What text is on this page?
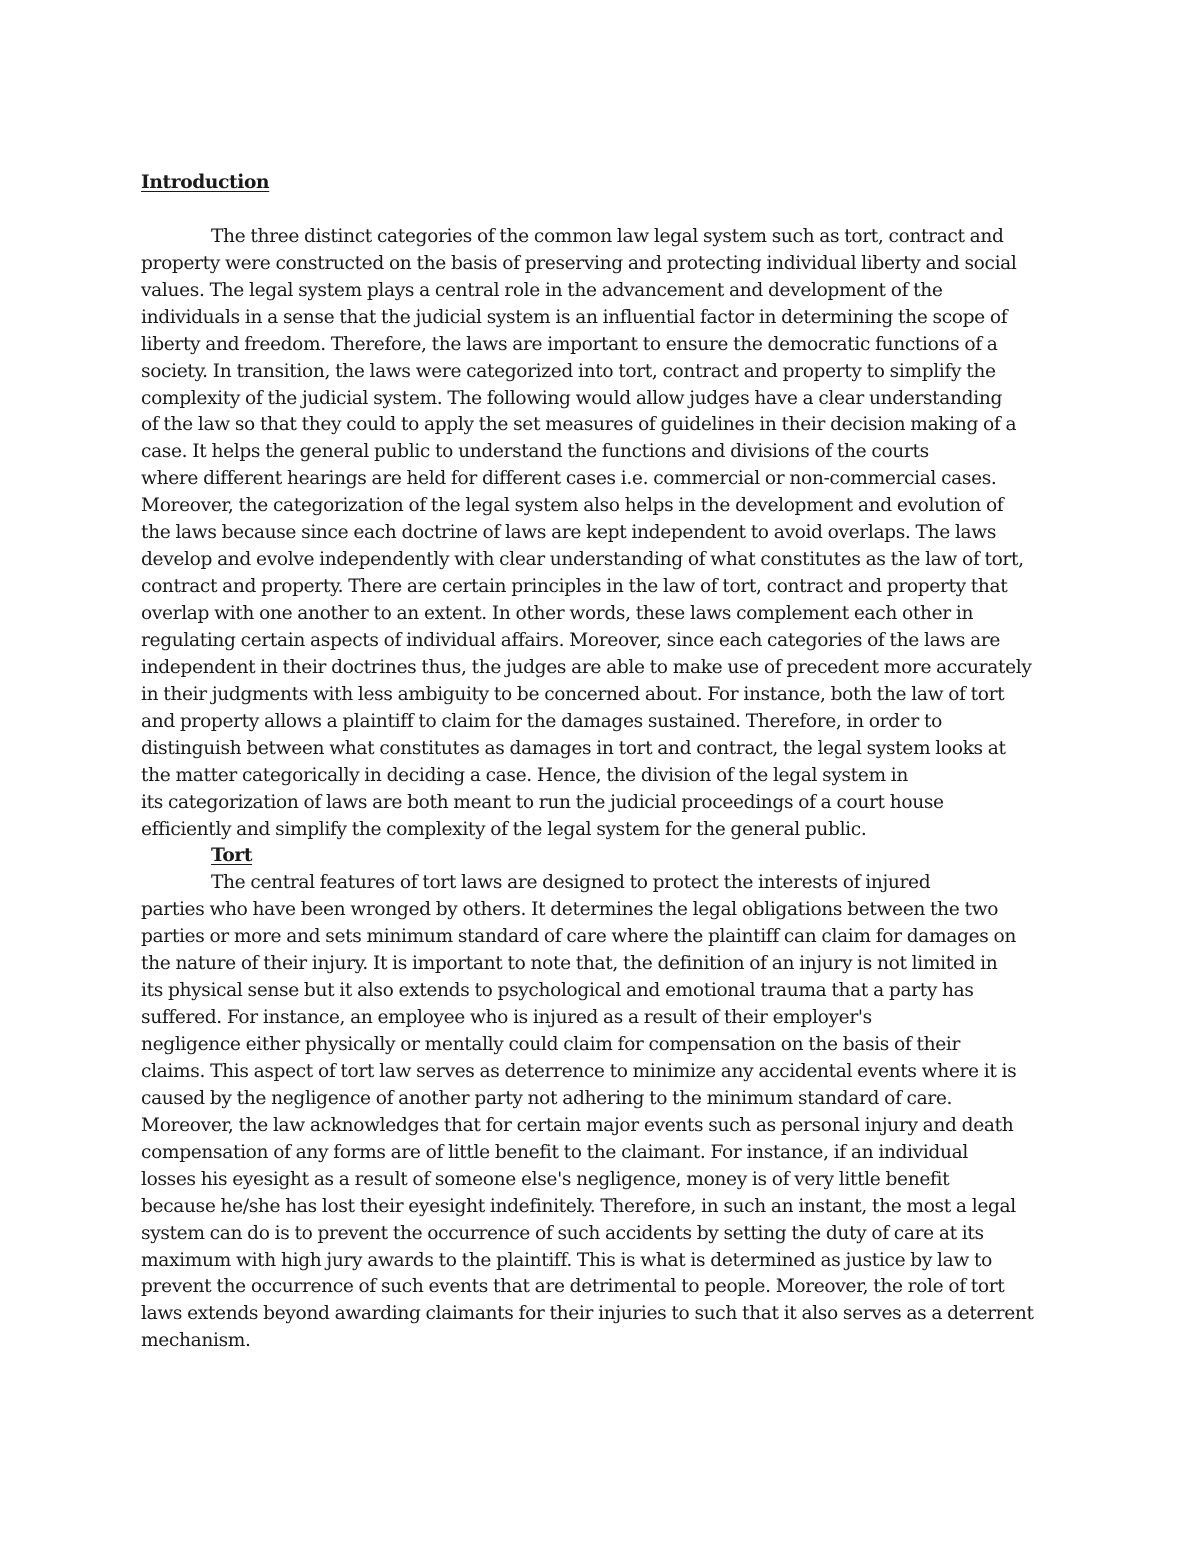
Introduction
The three distinct categories of the common law legal system such as tort, contract and
property were constructed on the basis of preserving and protecting individual liberty and social
values. The legal system plays a central role in the advancement and development of the
individuals in a sense that the judicial system is an influential factor in determining the scope of
liberty and freedom. Therefore, the laws are important to ensure the democratic functions of a
society. In transition, the laws were categorized into tort, contract and property to simplify the
complexity of the judicial system. The following would allow judges have a clear understanding
of the law so that they could to apply the set measures of guidelines in their decision making of a
case. It helps the general public to understand the functions and divisions of the courts
where different hearings are held for different cases i.e. commercial or non-commercial cases.
Moreover, the categorization of the legal system also helps in the development and evolution of
the laws because since each doctrine of laws are kept independent to avoid overlaps. The laws
develop and evolve independently with clear understanding of what constitutes as the law of tort,
contract and property. There are certain principles in the law of tort, contract and property that
overlap with one another to an extent. In other words, these laws complement each other in
regulating certain aspects of individual affairs. Moreover, since each categories of the laws are
independent in their doctrines thus, the judges are able to make use of precedent more accurately
in their judgments with less ambiguity to be concerned about. For instance, both the law of tort
and property allows a plaintiff to claim for the damages sustained. Therefore, in order to
distinguish between what constitutes as damages in tort and contract, the legal system looks at
the matter categorically in deciding a case. Hence, the division of the legal system in
its categorization of laws are both meant to run the judicial proceedings of a court house
efficiently and simplify the complexity of the legal system for the general public.
Tort
The central features of tort laws are designed to protect the interests of injured
parties who have been wronged by others. It determines the legal obligations between the two
parties or more and sets minimum standard of care where the plaintiff can claim for damages on
the nature of their injury. It is important to note that, the definition of an injury is not limited in
its physical sense but it also extends to psychological and emotional trauma that a party has
suffered. For instance, an employee who is injured as a result of their employer's
negligence either physically or mentally could claim for compensation on the basis of their
claims. This aspect of tort law serves as deterrence to minimize any accidental events where it is
caused by the negligence of another party not adhering to the minimum standard of care.
Moreover, the law acknowledges that for certain major events such as personal injury and death
compensation of any forms are of little benefit to the claimant. For instance, if an individual
losses his eyesight as a result of someone else's negligence, money is of very little benefit
because he/she has lost their eyesight indefinitely. Therefore, in such an instant, the most a legal
system can do is to prevent the occurrence of such accidents by setting the duty of care at its
maximum with high jury awards to the plaintiff. This is what is determined as justice by law to
prevent the occurrence of such events that are detrimental to people. Moreover, the role of tort
laws extends beyond awarding claimants for their injuries to such that it also serves as a deterrent
mechanism.
